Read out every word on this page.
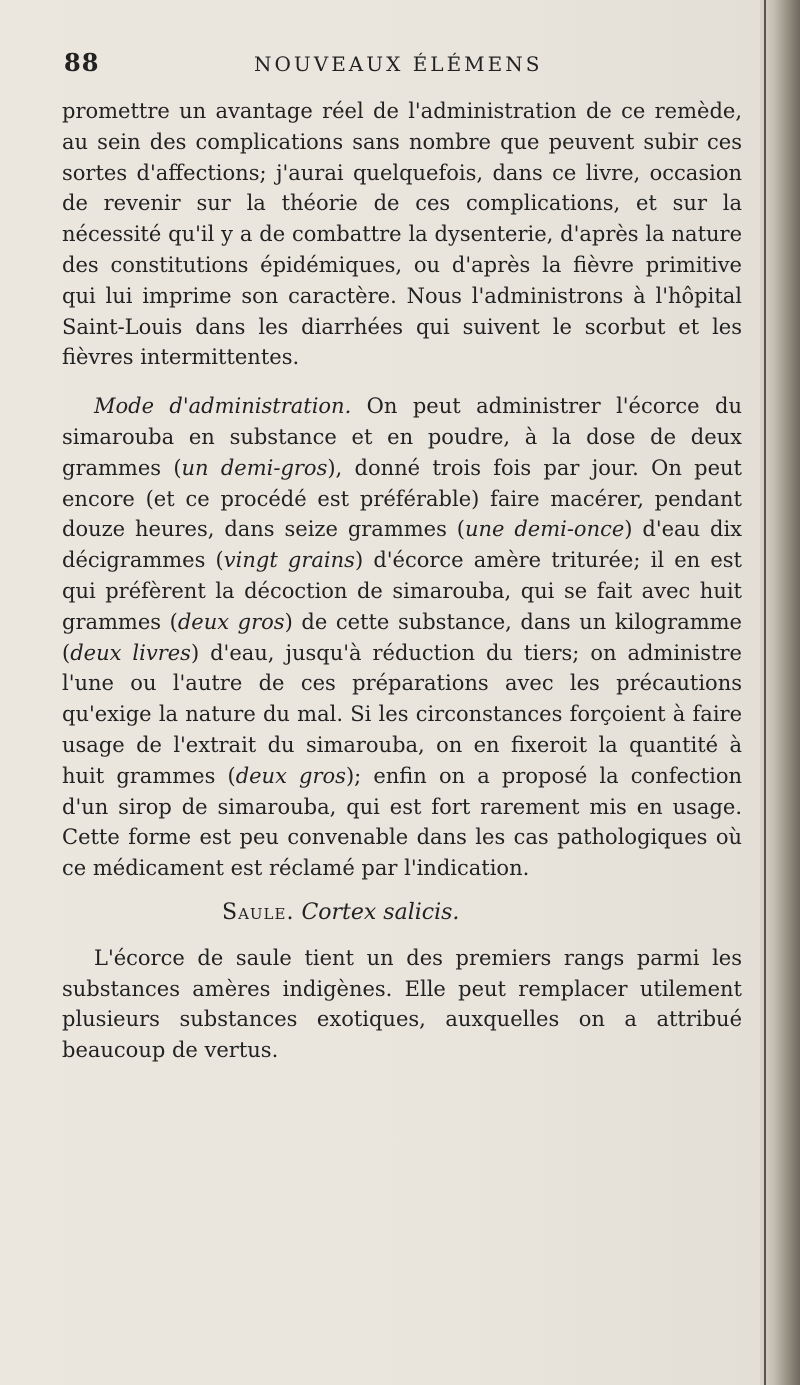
88	NOUVEAUX ÉLÉMENS

promettre un avantage réel de l'administration de ce remède, au sein des complications sans nombre que peuvent subir ces sortes d'affections; j'aurai quelquefois, dans ce livre, occasion de revenir sur la théorie de ces complications, et sur la nécessité qu'il y a de combattre la dysenterie, d'après la nature des constitutions épidémiques, ou d'après la fièvre primitive qui lui imprime son caractère. Nous l'administrons à l'hôpital Saint-Louis dans les diarrhées qui suivent le scorbut et les fièvres intermittentes.

Mode d'administration. On peut administrer l'écorce du simarouba en substance et en poudre, à la dose de deux grammes (un demi-gros), donné trois fois par jour. On peut encore (et ce procédé est préférable) faire macérer, pendant douze heures, dans seize grammes (une demi-once) d'eau dix décigrammes (vingt grains) d'écorce amère triturée; il en est qui préfèrent la décoction de simarouba, qui se fait avec huit grammes (deux gros) de cette substance, dans un kilogramme (deux livres) d'eau, jusqu'à réduction du tiers; on administre l'une ou l'autre de ces préparations avec les précautions qu'exige la nature du mal. Si les circonstances forçoient à faire usage de l'extrait du simarouba, on en fixeroit la quantité à huit grammes (deux gros); enfin on a proposé la confection d'un sirop de simarouba, qui est fort rarement mis en usage. Cette forme est peu convenable dans les cas pathologiques où ce médicament est réclamé par l'indication.

Saule. Cortex salicis.

L'écorce de saule tient un des premiers rangs parmi les substances amères indigènes. Elle peut remplacer utilement plusieurs substances exotiques, auxquelles on a attribué beaucoup de vertus.
